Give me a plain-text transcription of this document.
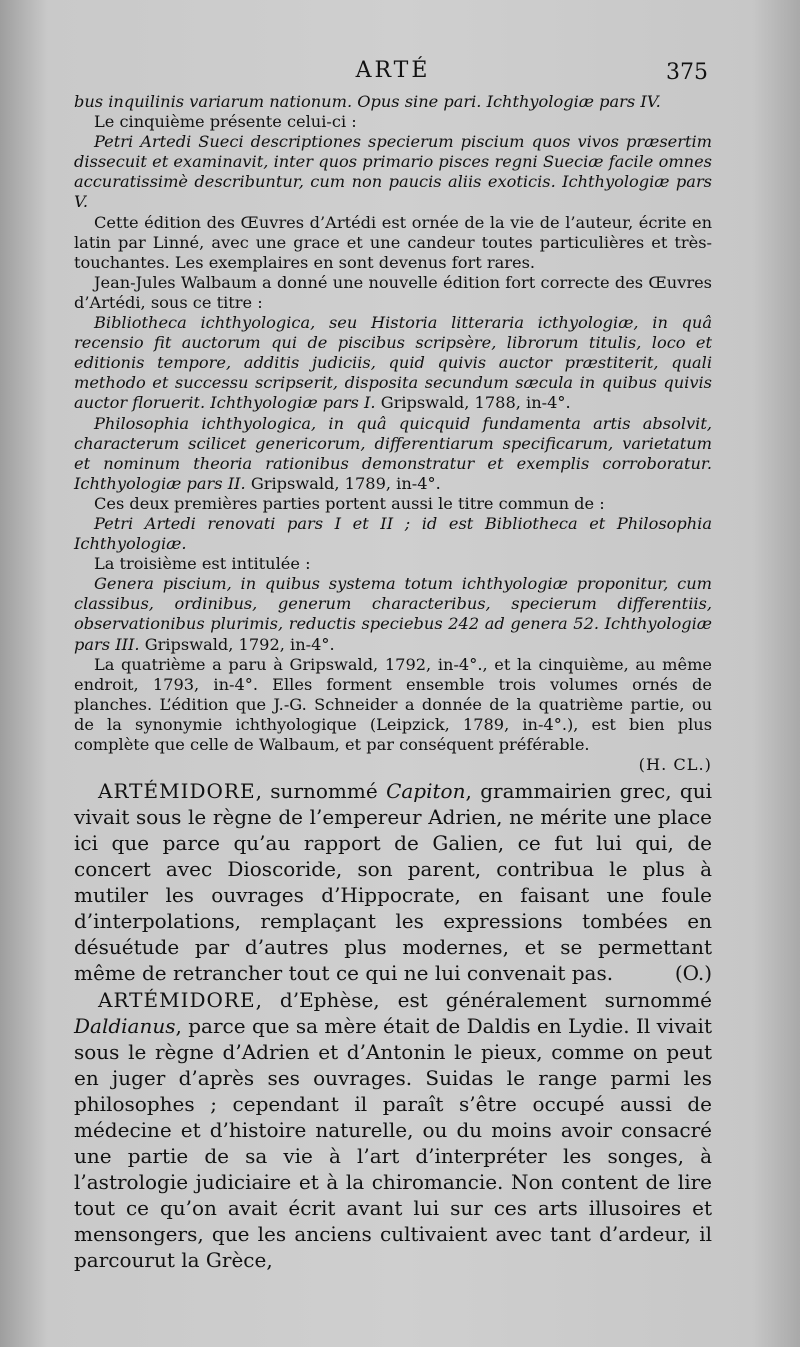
ARTÉ	375

bus inquilinis variarum nationum. Opus sine pari. Ichthyologiæ pars IV.

Le cinquième présente celui-ci :

Petri Artedi Sueci descriptiones specierum piscium quos vivos præsertim dissecuit et examinavit, inter quos primario pisces regni Sueciæ facile omnes accuratissimè describuntur, cum non paucis aliis exoticis. Ichthyologiæ pars V.

Cette édition des Œuvres d’Artédi est ornée de la vie de l’auteur, écrite en latin par Linné, avec une grace et une candeur toutes particulières et très-touchantes. Les exemplaires en sont devenus fort rares.

Jean-Jules Walbaum a donné une nouvelle édition fort correcte des Œuvres d’Artédi, sous ce titre :

Bibliotheca ichthyologica, seu Historia litteraria icthyologiæ, in quâ recensio fit auctorum qui de piscibus scripsère, librorum titulis, loco et editionis tempore, additis judiciis, quid quivis auctor præstiterit, quali methodo et successu scripserit, disposita secundum sæcula in quibus quivis auctor floruerit. Ichthyologiæ pars I. Gripswald, 1788, in-4°.

Philosophia ichthyologica, in quâ quicquid fundamenta artis absolvit, characterum scilicet genericorum, differentiarum specificarum, varietatum et nominum theoria rationibus demonstratur et exemplis corroboratur. Ichthyologiæ pars II. Gripswald, 1789, in-4°.

Ces deux premières parties portent aussi le titre commun de :

Petri Artedi renovati pars I et II ; id est Bibliotheca et Philosophia Ichthyologiæ.

La troisième est intitulée :

Genera piscium, in quibus systema totum ichthyologiæ proponitur, cum classibus, ordinibus, generum characteribus, specierum differentiis, observationibus plurimis, reductis speciebus 242 ad genera 52. Ichthyologiæ pars III. Gripswald, 1792, in-4°.

La quatrième a paru à Gripswald, 1792, in-4°., et la cinquième, au même endroit, 1793, in-4°. Elles forment ensemble trois volumes ornés de planches. L’édition que J.-G. Schneider a donnée de la quatrième partie, ou de la synonymie ichthyologique (Leipzick, 1789, in-4°.), est bien plus complète que celle de Walbaum, et par conséquent préférable.

(H. CL.)

ARTÉMIDORE, surnommé Capiton, grammairien grec, qui vivait sous le règne de l’empereur Adrien, ne mérite une place ici que parce qu’au rapport de Galien, ce fut lui qui, de concert avec Dioscoride, son parent, contribua le plus à mutiler les ouvrages d’Hippocrate, en faisant une foule d’interpolations, remplaçant les expressions tombées en désuétude par d’autres plus modernes, et se permettant même de retrancher tout ce qui ne lui convenait pas.	(O.)

ARTÉMIDORE, d’Ephèse, est généralement surnommé Daldianus, parce que sa mère était de Daldis en Lydie. Il vivait sous le règne d’Adrien et d’Antonin le pieux, comme on peut en juger d’après ses ouvrages. Suidas le range parmi les philosophes ; cependant il paraît s’être occupé aussi de médecine et d’histoire naturelle, ou du moins avoir consacré une partie de sa vie à l’art d’interpréter les songes, à l’astrologie judiciaire et à la chiromancie. Non content de lire tout ce qu’on avait écrit avant lui sur ces arts illusoires et mensongers, que les anciens cultivaient avec tant d’ardeur, il parcourut la Grèce,
